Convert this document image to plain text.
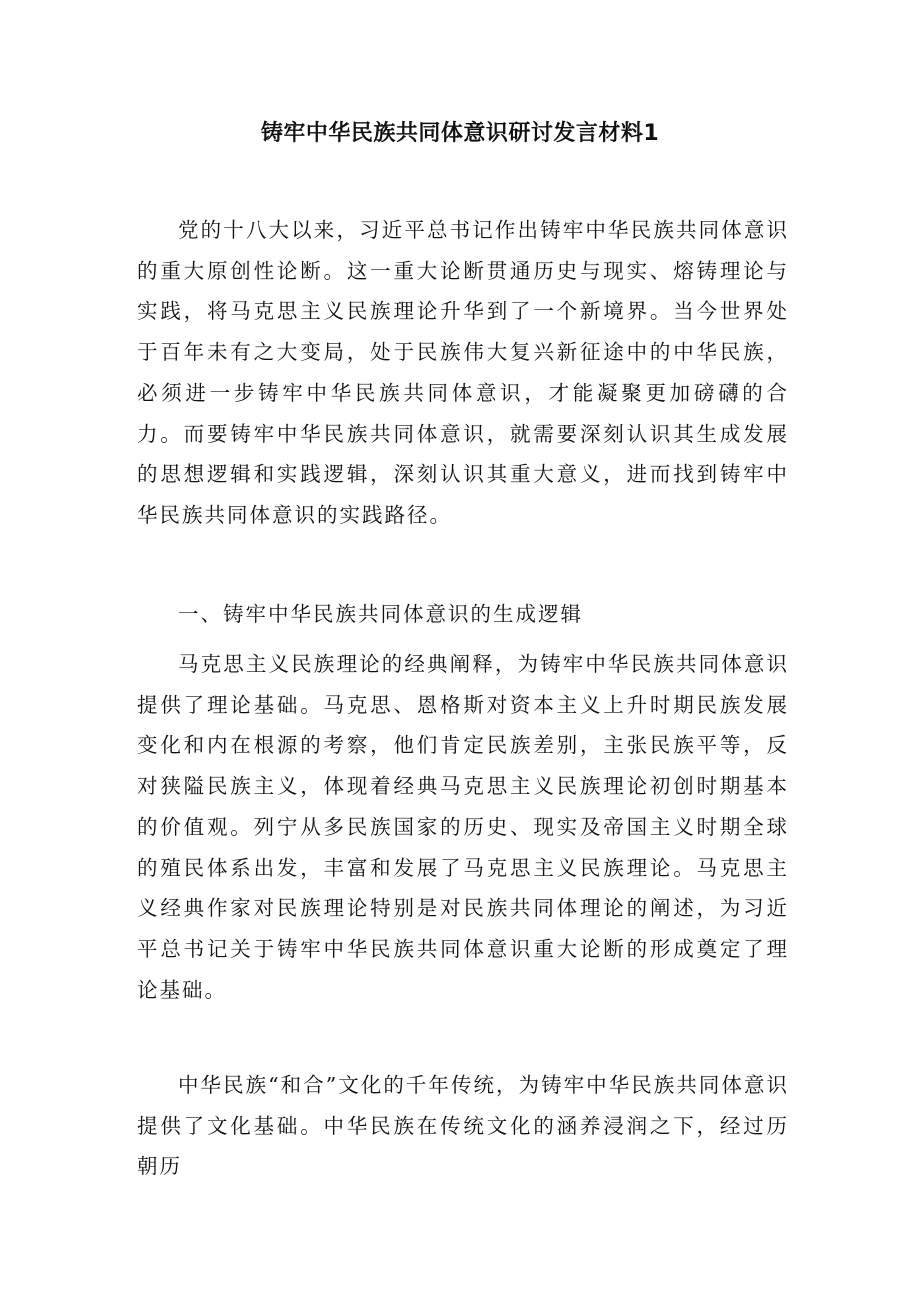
铸牢中华民族共同体意识研讨发言材料1
党的十八大以来，习近平总书记作出铸牢中华民族共同体意识的重大原创性论断。这一重大论断贯通历史与现实、熔铸理论与实践，将马克思主义民族理论升华到了一个新境界。当今世界处于百年未有之大变局，处于民族伟大复兴新征途中的中华民族，必须进一步铸牢中华民族共同体意识，才能凝聚更加磅礴的合力。而要铸牢中华民族共同体意识，就需要深刻认识其生成发展的思想逻辑和实践逻辑，深刻认识其重大意义，进而找到铸牢中华民族共同体意识的实践路径。
一、铸牢中华民族共同体意识的生成逻辑
马克思主义民族理论的经典阐释，为铸牢中华民族共同体意识提供了理论基础。马克思、恩格斯对资本主义上升时期民族发展变化和内在根源的考察，他们肯定民族差别，主张民族平等，反对狭隘民族主义，体现着经典马克思主义民族理论初创时期基本的价值观。列宁从多民族国家的历史、现实及帝国主义时期全球的殖民体系出发，丰富和发展了马克思主义民族理论。马克思主义经典作家对民族理论特别是对民族共同体理论的阐述，为习近平总书记关于铸牢中华民族共同体意识重大论断的形成奠定了理论基础。
中华民族“和合”文化的千年传统，为铸牢中华民族共同体意识提供了文化基础。中华民族在传统文化的涵养浸润之下，经过历朝历
